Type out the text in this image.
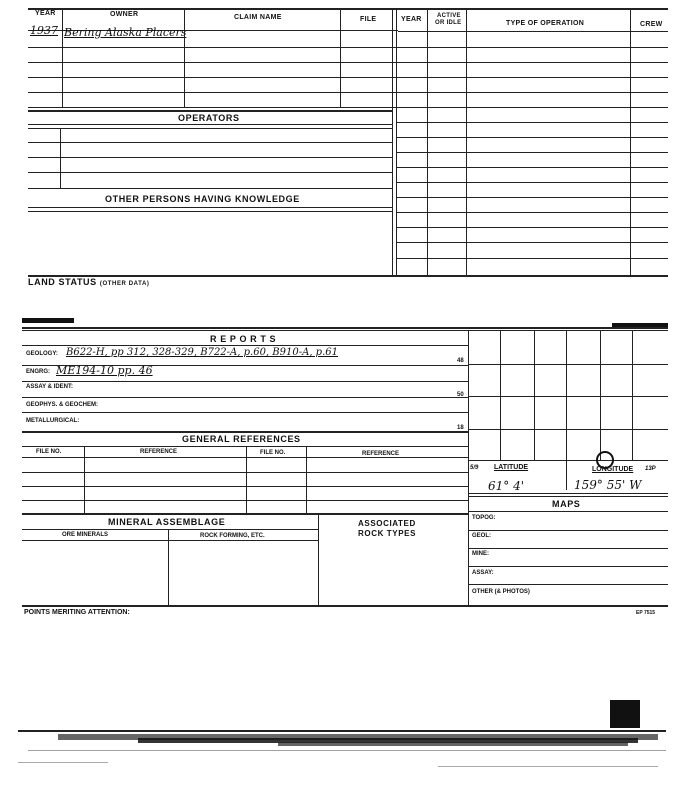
YEAR	OWNER	CLAIM NAME	FILE	YEAR	ACTIVE
OR IDLE	TYPE OF OPERATION	CREW
1937 Bering Alaska Placers
OPERATORS
OTHER PERSONS HAVING KNOWLEDGE
LAND STATUS (OTHER DATA)
R E P O R T S
GEOLOGY: B622-H, pp 312, 328-329, B722-A, p.60, B910-A, p.61
48
ENGRG: ME194-10 pp. 46
ASSAY & IDENT:
50
GEOPHYS. & GEOCHEM:
METALLURGICAL:
18
GENERAL REFERENCES
FILE NO.	REFERENCE	FILE NO.	REFERENCE
MINERAL ASSEMBLAGE
ORE MINERALS	ROCK FORMING, ETC.
ASSOCIATED
ROCK TYPES
5/9 LATITUDE	LONGITUDE 13P
61° 4'	159° 55' W
MAPS
TOPOG:
GEOL:
MINE:
ASSAY:
OTHER (& PHOTOS)
POINTS MERITING ATTENTION:	EP 7515
